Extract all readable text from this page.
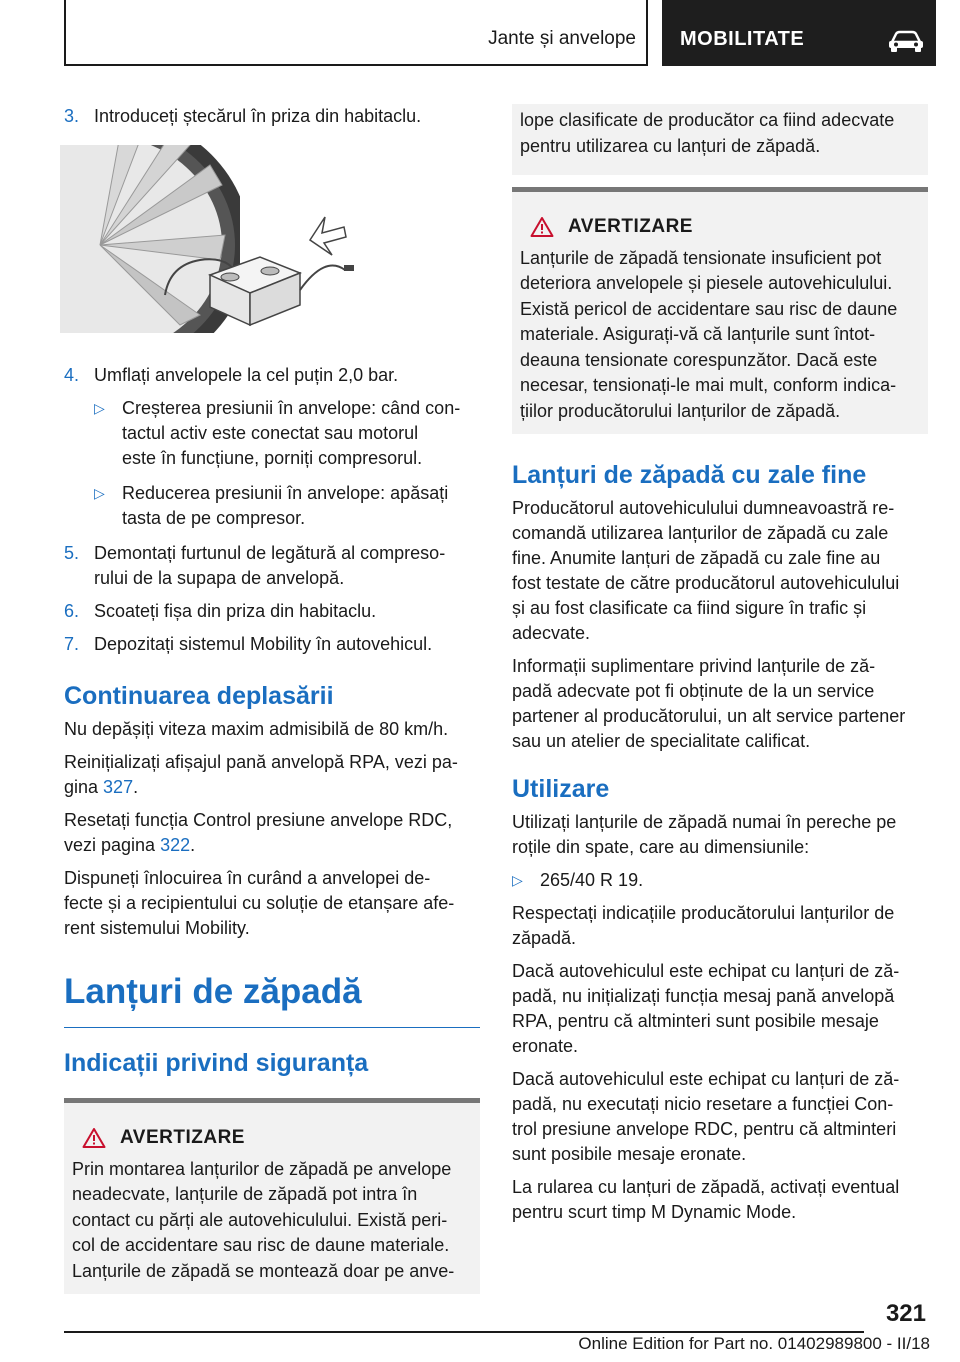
Jante și anvelope MOBILITATE
3. Introduceți ștecărul în priza din habitaclu.
4. Umflați anvelopele la cel puțin 2,0 bar.
▷ Creșterea presiunii în anvelope: când con-
tactul activ este conectat sau motorul
este în funcțiune, porniți compresorul.
▷ Reducerea presiunii în anvelope: apăsați
tasta de pe compresor.
5. Demontați furtunul de legătură al compreso-
rului de la supapa de anvelopă.
6. Scoateți fișa din priza din habitaclu.
7. Depozitați sistemul Mobility în autovehicul.
Continuarea deplasării
Nu depășiți viteza maxim admisibilă de 80 km/h.
Reinițializați afișajul pană anvelopă RPA, vezi pa-
gina 327.
Resetați funcția Control presiune anvelope RDC,
vezi pagina 322.
Dispuneți înlocuirea în curând a anvelopei de-
fecte și a recipientului cu soluție de etanșare afe-
rent sistemului Mobility.
Lanțuri de zăpadă
Indicații privind siguranța
AVERTIZARE
Prin montarea lanțurilor de zăpadă pe anvelope
neadecvate, lanțurile de zăpadă pot intra în
contact cu părți ale autovehiculului. Există peri-
col de accidentare sau risc de daune materiale.
Lanțurile de zăpadă se montează doar pe anve-
lope clasificate de producător ca fiind adecvate
pentru utilizarea cu lanțuri de zăpadă.
AVERTIZARE
Lanțurile de zăpadă tensionate insuficient pot
deteriora anvelopele și piesele autovehiculului.
Există pericol de accidentare sau risc de daune
materiale. Asigurați-vă că lanțurile sunt întot-
deauna tensionate corespunzător. Dacă este
necesar, tensionați-le mai mult, conform indica-
țiilor producătorului lanțurilor de zăpadă.
Lanțuri de zăpadă cu zale fine
Producătorul autovehiculului dumneavoastră re-
comandă utilizarea lanțurilor de zăpadă cu zale
fine. Anumite lanțuri de zăpadă cu zale fine au
fost testate de către producătorul autovehiculului
și au fost clasificate ca fiind sigure în trafic și
adecvate.
Informații suplimentare privind lanțurile de ză-
padă adecvate pot fi obținute de la un service
partener al producătorului, un alt service partener
sau un atelier de specialitate calificat.
Utilizare
Utilizați lanțurile de zăpadă numai în pereche pe
roțile din spate, care au dimensiunile:
▷ 265/40 R 19.
Respectați indicațiile producătorului lanțurilor de
zăpadă.
Dacă autovehiculul este echipat cu lanțuri de ză-
padă, nu inițializați funcția mesaj pană anvelopă
RPA, pentru că altminteri sunt posibile mesaje
eronate.
Dacă autovehiculul este echipat cu lanțuri de ză-
padă, nu executați nicio resetare a funcției Con-
trol presiune anvelope RDC, pentru că altminteri
sunt posibile mesaje eronate.
La rularea cu lanțuri de zăpadă, activați eventual
pentru scurt timp M Dynamic Mode.
321
Online Edition for Part no. 01402989800 - II/18
